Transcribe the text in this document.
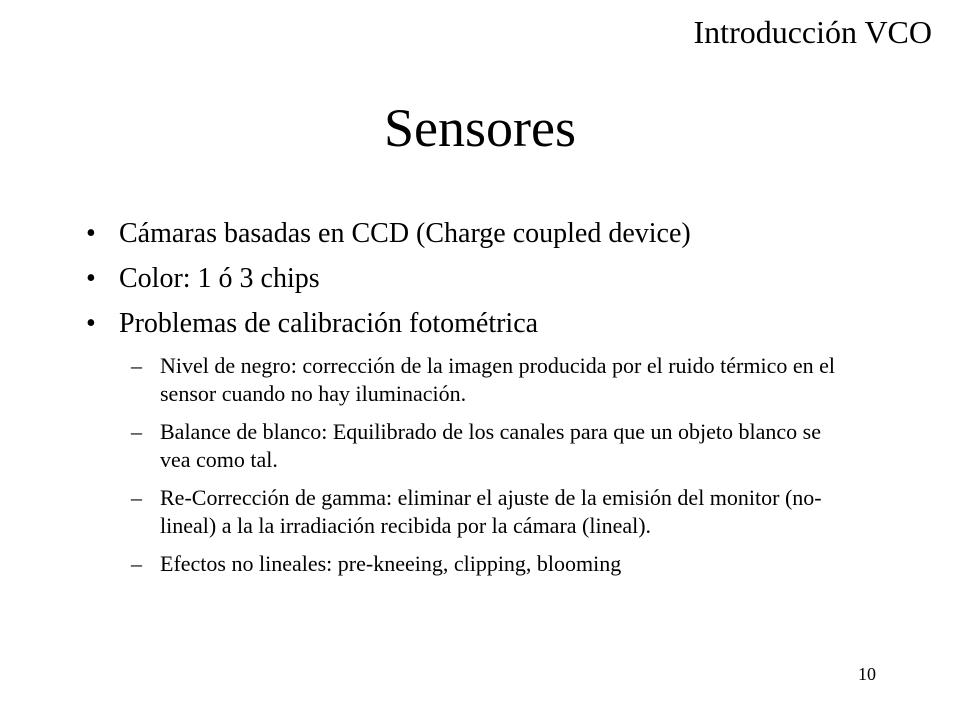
Introducción VCO
Sensores
• Cámaras basadas en CCD (Charge coupled device)
• Color: 1 ó 3 chips
• Problemas de calibración fotométrica
– Nivel de negro: corrección de la imagen producida por el ruido térmico en el sensor cuando no hay iluminación.
– Balance de blanco: Equilibrado de los canales para que un objeto blanco se vea como tal.
– Re-Corrección de gamma: eliminar el ajuste de la emisión del monitor (no-lineal) a la la irradiación recibida por la cámara (lineal).
– Efectos no lineales: pre-kneeing, clipping, blooming
10
